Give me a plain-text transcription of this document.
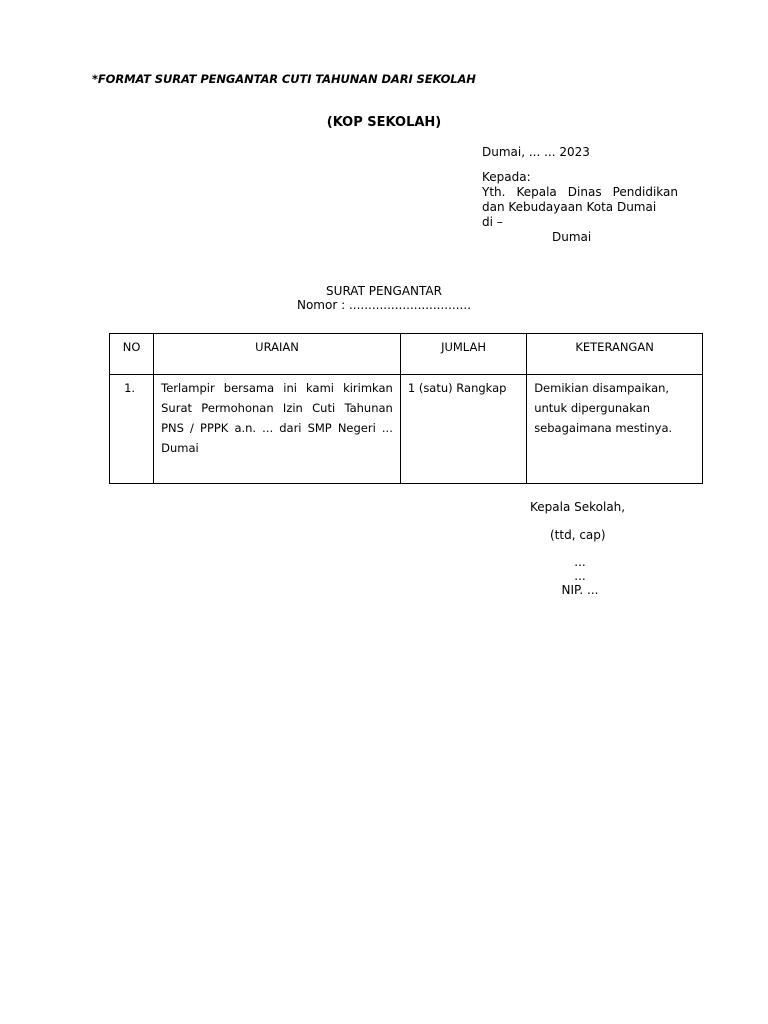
*FORMAT SURAT PENGANTAR CUTI TAHUNAN DARI SEKOLAH
(KOP SEKOLAH)
Dumai, ... ... 2023
Kepada:
Yth. Kepala Dinas Pendidikan
dan Kebudayaan Kota Dumai
di –
Dumai
SURAT PENGANTAR
Nomor : ................................
NO	URAIAN	JUMLAH	KETERANGAN

1.	Terlampir bersama ini kami kirimkan Surat Permohonan Izin Cuti Tahunan PNS / PPPK a.n. ... dari SMP Negeri ... Dumai	1 (satu) Rangkap	Demikian disampaikan, untuk dipergunakan sebagaimana mestinya.
Kepala Sekolah,
(ttd, cap)
...
...
NIP. ...
